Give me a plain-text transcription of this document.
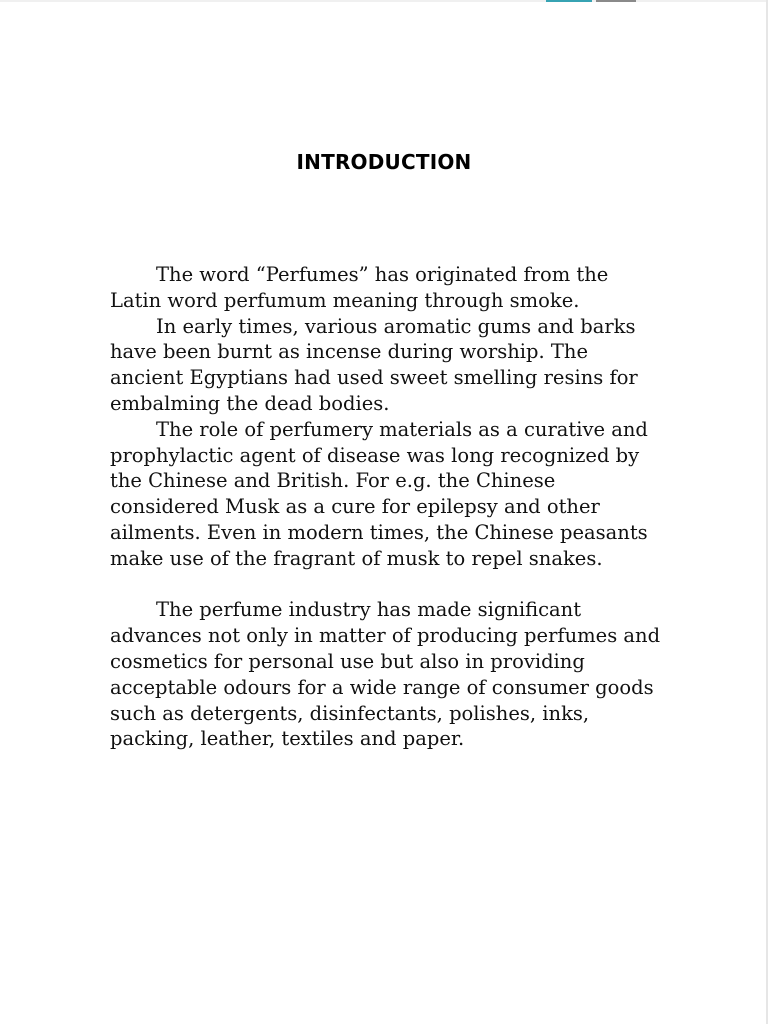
INTRODUCTION

The word “Perfumes” has originated from the Latin word perfumum meaning through smoke.

In early times, various aromatic gums and barks have been burnt as incense during worship. The ancient Egyptians had used sweet smelling resins for embalming the dead bodies.

The role of perfumery materials as a curative and prophylactic agent of disease was long recognized by the Chinese and British. For e.g. the Chinese considered Musk as a cure for epilepsy and other ailments. Even in modern times, the Chinese peasants make use of the fragrant of musk to repel snakes.

The perfume industry has made significant advances not only in matter of producing perfumes and cosmetics for personal use but also in providing acceptable odours for a wide range of consumer goods such as detergents, disinfectants, polishes, inks, packing, leather, textiles and paper.
